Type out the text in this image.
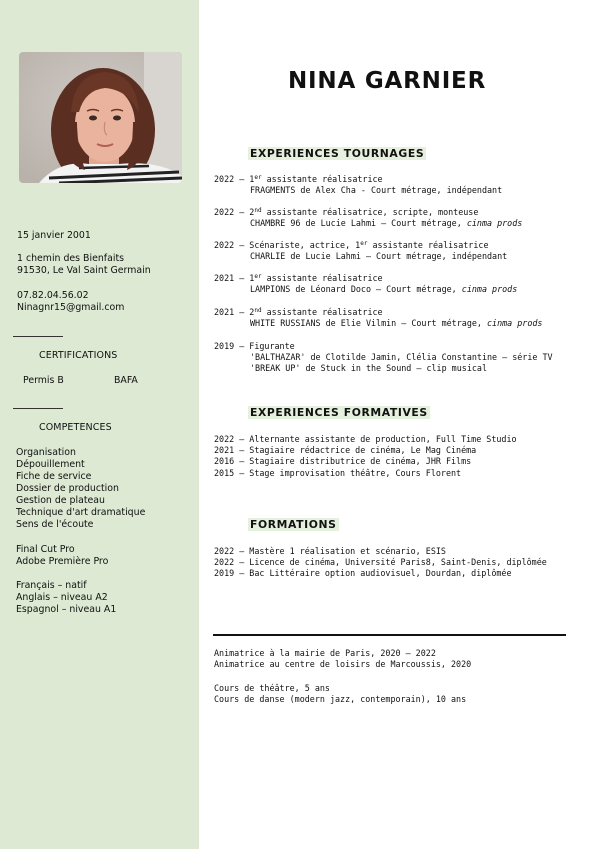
15 janvier 2001
1 chemin des Bienfaits
91530, Le Val Saint Germain
07.82.04.56.02
Ninagnr15@gmail.com
CERTIFICATIONS
Permis B	BAFA
COMPETENCES
Organisation
Dépouillement
Fiche de service
Dossier de production
Gestion de plateau
Technique d'art dramatique
Sens de l'écoute
Final Cut Pro
Adobe Première Pro
Français – natif
Anglais – niveau A2
Espagnol – niveau A1
NINA GARNIER
EXPERIENCES TOURNAGES
2022 – 1er assistante réalisatrice
FRAGMENTS de Alex Cha - Court métrage, indépendant
2022 – 2nd assistante réalisatrice, scripte, monteuse
CHAMBRE 96 de Lucie Lahmi – Court métrage, cinma prods
2022 – Scénariste, actrice, 1er assistante réalisatrice
CHARLIE de Lucie Lahmi – Court métrage, indépendant
2021 – 1er assistante réalisatrice
LAMPIONS de Léonard Doco – Court métrage, cinma prods
2021 – 2nd assistante réalisatrice
WHITE RUSSIANS de Elie Vilmin – Court métrage, cinma prods
2019 – Figurante
'BALTHAZAR' de Clotilde Jamin, Clélia Constantine – série TV
'BREAK UP' de Stuck in the Sound – clip musical
EXPERIENCES FORMATIVES
2022 – Alternante assistante de production, Full Time Studio
2021 – Stagiaire rédactrice de cinéma, Le Mag Cinéma
2016 – Stagiaire distributrice de cinéma, JHR Films
2015 – Stage improvisation théâtre, Cours Florent
FORMATIONS
2022 – Mastère 1 réalisation et scénario, ESIS
2022 – Licence de cinéma, Université Paris8, Saint-Denis, diplômée
2019 – Bac Littéraire option audiovisuel, Dourdan, diplômée
Animatrice à la mairie de Paris, 2020 – 2022
Animatrice au centre de loisirs de Marcoussis, 2020
Cours de théâtre, 5 ans
Cours de danse (modern jazz, contemporain), 10 ans
